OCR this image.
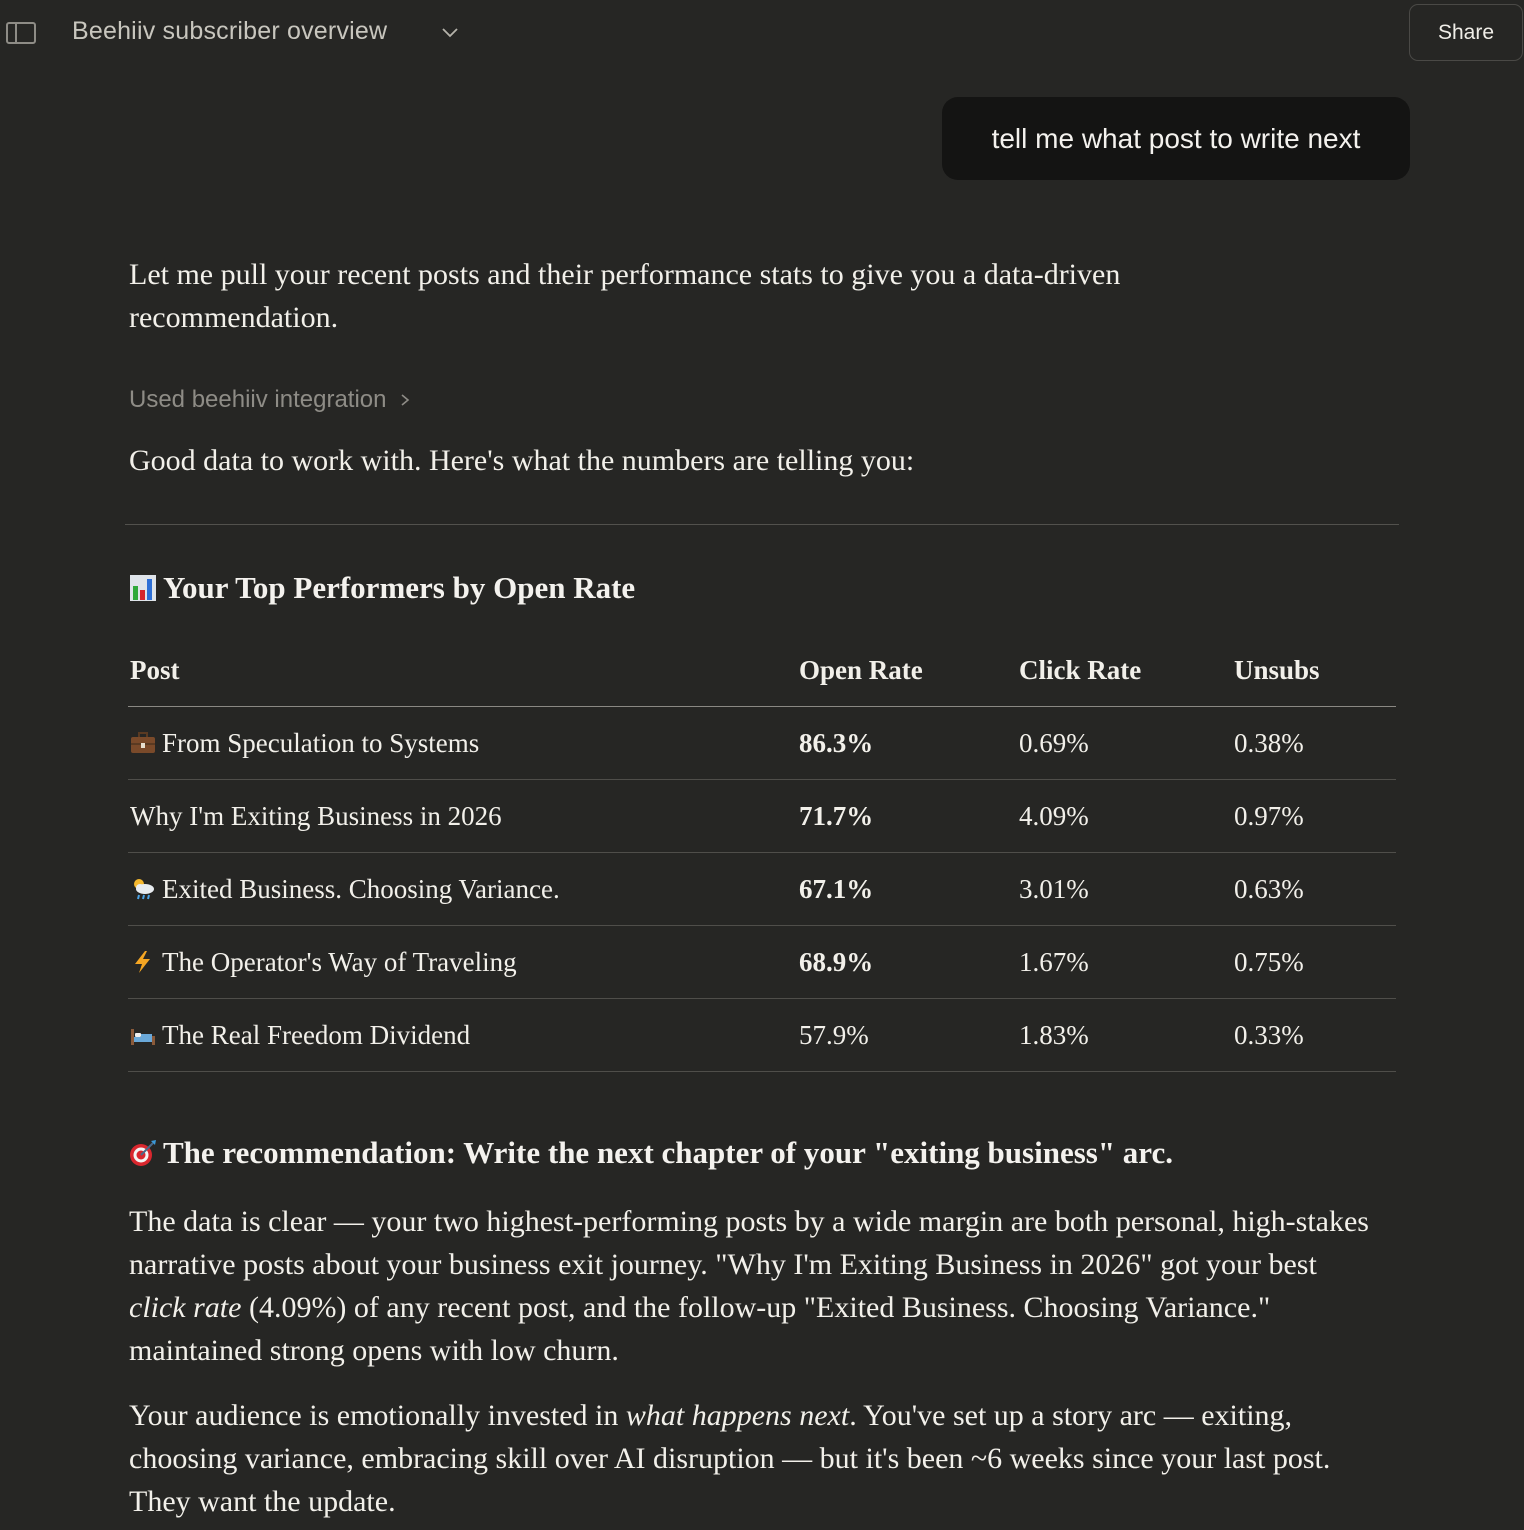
Beehiiv subscriber overview	Share
tell me what post to write next
Let me pull your recent posts and their performance stats to give you a data-driven recommendation.
Used beehiiv integration
Good data to work with. Here's what the numbers are telling you:
Your Top Performers by Open Rate
Post	Open Rate	Click Rate	Unsubs
From Speculation to Systems	86.3%	0.69%	0.38%
Why I'm Exiting Business in 2026	71.7%	4.09%	0.97%
Exited Business. Choosing Variance.	67.1%	3.01%	0.63%
The Operator's Way of Traveling	68.9%	1.67%	0.75%
The Real Freedom Dividend	57.9%	1.83%	0.33%
The recommendation: Write the next chapter of your "exiting business" arc.
The data is clear — your two highest-performing posts by a wide margin are both personal, high-stakes narrative posts about your business exit journey. "Why I'm Exiting Business in 2026" got your best click rate (4.09%) of any recent post, and the follow-up "Exited Business. Choosing Variance." maintained strong opens with low churn.
Your audience is emotionally invested in what happens next. You've set up a story arc — exiting, choosing variance, embracing skill over AI disruption — but it's been ~6 weeks since your last post. They want the update.
